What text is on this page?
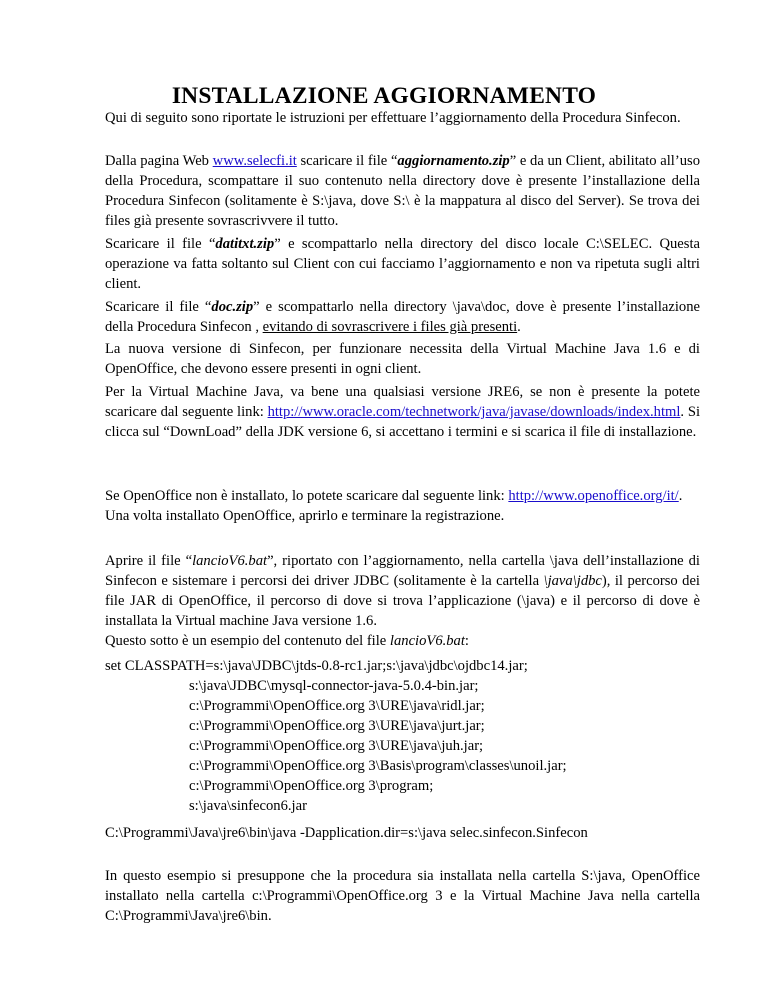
INSTALLAZIONE AGGIORNAMENTO

Qui di seguito sono riportate le istruzioni per effettuare l’aggiornamento della Procedura Sinfecon.

Dalla pagina Web www.selecfi.it scaricare il file “aggiornamento.zip” e da un Client, abilitato all’uso della Procedura, scompattare il suo contenuto nella directory dove è presente l’installazione della Procedura Sinfecon (solitamente è S:\java, dove S:\ è la mappatura al disco del Server). Se trova dei files già presente sovrascrivvere il tutto.

Scaricare il file “datitxt.zip” e scompattarlo nella directory del disco locale C:\SELEC. Questa operazione va fatta soltanto sul Client con cui facciamo l’aggiornamento e non va ripetuta sugli altri client.

Scaricare il file “doc.zip” e scompattarlo nella directory \java\doc, dove è presente l’installazione della Procedura Sinfecon , evitando di sovrascrivere i files già presenti.

La nuova versione di Sinfecon, per funzionare necessita della Virtual Machine Java 1.6 e di OpenOffice, che devono essere presenti in ogni client.

Per la Virtual Machine Java, va bene una qualsiasi versione JRE6, se non è presente la potete scaricare dal seguente link: http://www.oracle.com/technetwork/java/javase/downloads/index.html. Si clicca sul “DownLoad” della JDK versione 6, si accettano i termini e si scarica il file di installazione.

Se OpenOffice non è installato, lo potete scaricare dal seguente link: http://www.openoffice.org/it/.
Una volta installato OpenOffice, aprirlo e terminare la registrazione.

Aprire il file “lancioV6.bat”, riportato con l’aggiornamento, nella cartella \java dell’installazione di Sinfecon e sistemare i percorsi dei driver JDBC (solitamente è la cartella \java\jdbc), il percorso dei file JAR di OpenOffice, il percorso di dove si trova l’applicazione (\java) e il percorso di dove è installata la Virtual machine Java versione 1.6.
Questo sotto è un esempio del contenuto del file lancioV6.bat:

set CLASSPATH=s:\java\JDBC\jtds-0.8-rc1.jar;s:\java\jdbc\ojdbc14.jar;
s:\java\JDBC\mysql-connector-java-5.0.4-bin.jar;
c:\Programmi\OpenOffice.org 3\URE\java\ridl.jar;
c:\Programmi\OpenOffice.org 3\URE\java\jurt.jar;
c:\Programmi\OpenOffice.org 3\URE\java\juh.jar;
c:\Programmi\OpenOffice.org 3\Basis\program\classes\unoil.jar;
c:\Programmi\OpenOffice.org 3\program;
s:\java\sinfecon6.jar
C:\Programmi\Java\jre6\bin\java -Dapplication.dir=s:\java selec.sinfecon.Sinfecon

In questo esempio si presuppone che la procedura sia installata nella cartella S:\java, OpenOffice installato nella cartella c:\Programmi\OpenOffice.org 3 e la Virtual Machine Java nella cartella C:\Programmi\Java\jre6\bin.
